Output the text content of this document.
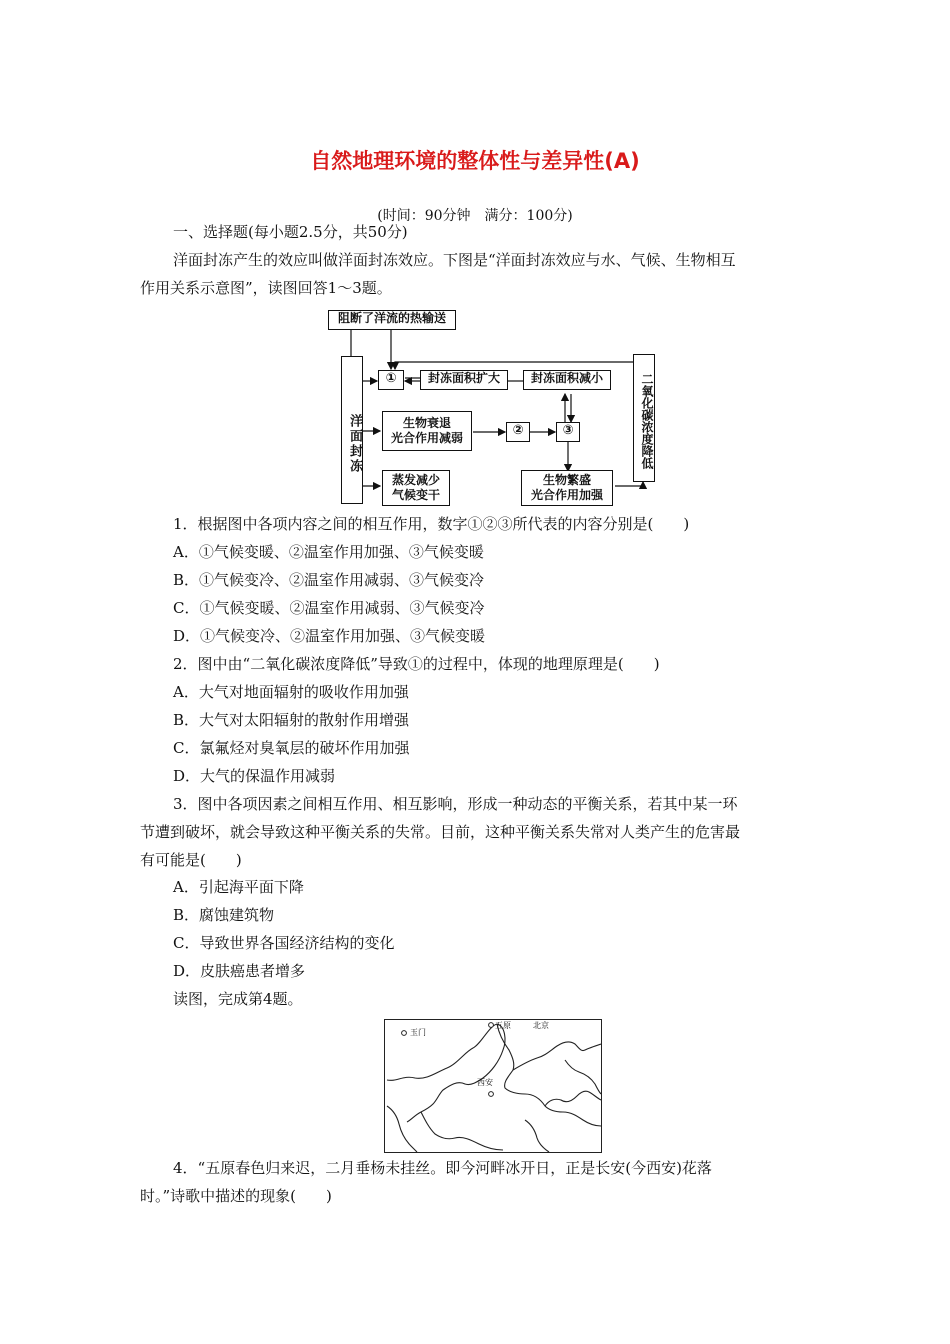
自然地理环境的整体性与差异性(A)
(时间：90分钟　满分：100分)
一、选择题(每小题2.5分，共50分)
洋面封冻产生的效应叫做洋面封冻效应。下图是“洋面封冻效应与水、气候、生物相互
作用关系示意图”，读图回答1～3题。
阻断了洋流的热输送
洋面封冻	二氧化碳浓度降低
①	封冻面积扩大	封冻面积减小
生物衰退
光合作用减弱	②	③
蒸发减少
气候变干
生物繁盛
光合作用加强
1．根据图中各项内容之间的相互作用，数字①②③所代表的内容分别是(　　)
A．①气候变暖、②温室作用加强、③气候变暖
B．①气候变冷、②温室作用减弱、③气候变冷
C．①气候变暖、②温室作用减弱、③气候变冷
D．①气候变冷、②温室作用加强、③气候变暖
2．图中由“二氧化碳浓度降低”导致①的过程中，体现的地理原理是(　　)
A．大气对地面辐射的吸收作用加强
B．大气对太阳辐射的散射作用增强
C．氯氟烃对臭氧层的破坏作用加强
D．大气的保温作用减弱
3．图中各项因素之间相互作用、相互影响，形成一种动态的平衡关系，若其中某一环
节遭到破坏，就会导致这种平衡关系的失常。目前，这种平衡关系失常对人类产生的危害最
有可能是(　　)
A．引起海平面下降
B．腐蚀建筑物
C．导致世界各国经济结构的变化
D．皮肤癌患者增多
读图，完成第4题。
玉门
五原	北京
西安
4．“五原春色归来迟，二月垂杨未挂丝。即今河畔冰开日，正是长安(今西安)花落
时。”诗歌中描述的现象(　　)
